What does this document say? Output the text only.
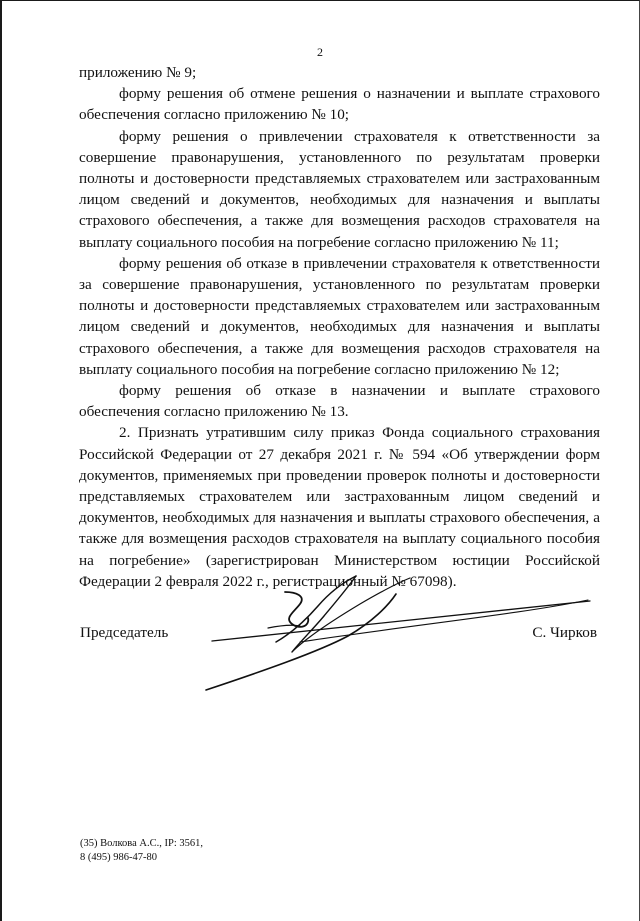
2

приложению № 9;

форму решения об отмене решения о назначении и выплате страхового обеспечения согласно приложению № 10;

форму решения о привлечении страхователя к ответственности за совершение правонарушения, установленного по результатам проверки полноты и достоверности представляемых страхователем или застрахованным лицом сведений и документов, необходимых для назначения и выплаты страхового обеспечения, а также для возмещения расходов страхователя на выплату социального пособия на погребение согласно приложению № 11;

форму решения об отказе в привлечении страхователя к ответственности за совершение правонарушения, установленного по результатам проверки полноты и достоверности представляемых страхователем или застрахованным лицом сведений и документов, необходимых для назначения и выплаты страхового обеспечения, а также для возмещения расходов страхователя на выплату социального пособия на погребение согласно приложению № 12;

форму решения об отказе в назначении и выплате страхового обеспечения согласно приложению № 13.

2. Признать утратившим силу приказ Фонда социального страхования Российской Федерации от 27 декабря 2021 г. № 594 «Об утверждении форм документов, применяемых при проведении проверок полноты и достоверности представляемых страхователем или застрахованным лицом сведений и документов, необходимых для назначения и выплаты страхового обеспечения, а также для возмещения расходов страхователя на выплату социального пособия на погребение» (зарегистрирован Министерством юстиции Российской Федерации 2 февраля 2022 г., регистрационный № 67098).

Председатель	С. Чирков
(35) Волкова А.С., IP: 3561,
8 (495) 986-47-80
